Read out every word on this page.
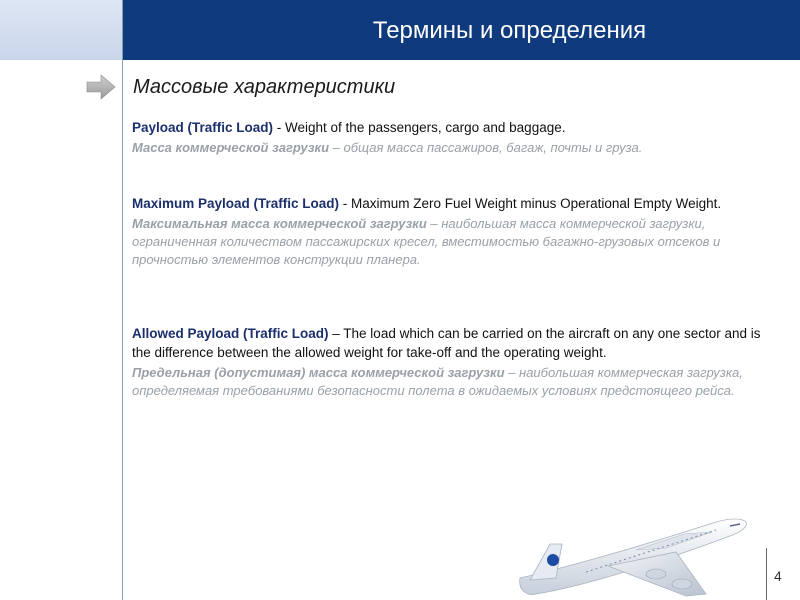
Термины и определения
Массовые характеристики

Payload (Traffic Load) - Weight of the passengers, cargo and baggage.

Масса коммерческой загрузки – общая масса пассажиров, багаж, почты и груза.

Maximum Payload (Traffic Load) - Maximum Zero Fuel Weight minus Operational Empty Weight.

Максимальная масса коммерческой загрузки – наибольшая масса коммерческой загрузки, ограниченная количеством пассажирских кресел, вместимостью багажно-грузовых отсеков и прочностью элементов конструкции планера.

Allowed Payload (Traffic Load) – The load which can be carried on the aircraft on any one sector and is the difference between the allowed weight for take-off and the operating weight.

Предельная (допустимая) масса коммерческой загрузки – наибольшая коммерческая загрузка, определяемая требованиями безопасности полета в ожидаемых условиях предстоящего рейса.

4
